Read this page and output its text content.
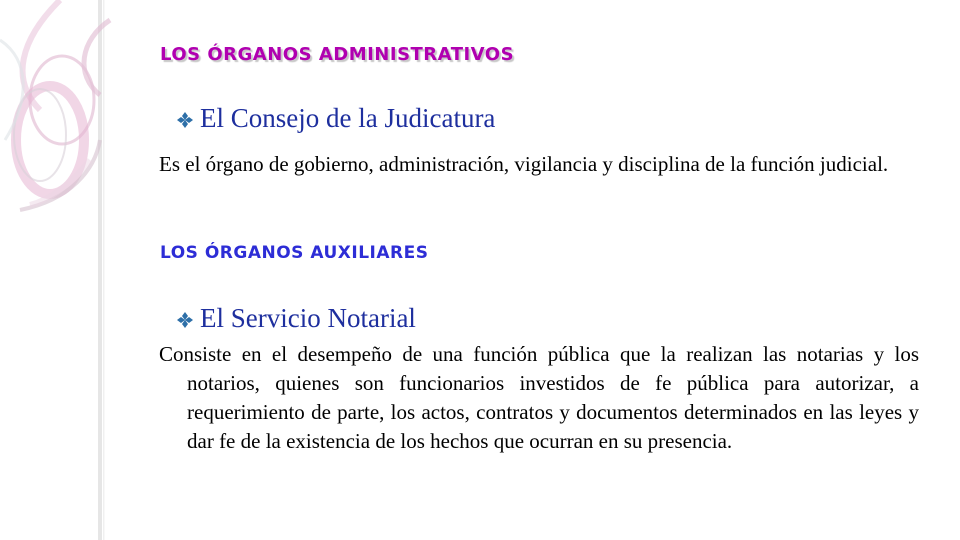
LOS ÓRGANOS ADMINISTRATIVOS
El Consejo de la Judicatura
Es el órgano de gobierno, administración, vigilancia y disciplina de la función judicial.
LOS ÓRGANOS AUXILIARES
El Servicio Notarial
Consiste en el desempeño de una función pública que la realizan las notarias y los notarios, quienes son funcionarios investidos de fe pública para autorizar, a requerimiento de parte, los actos, contratos y documentos determinados en las leyes y dar fe de la existencia de los hechos que ocurran en su presencia.
